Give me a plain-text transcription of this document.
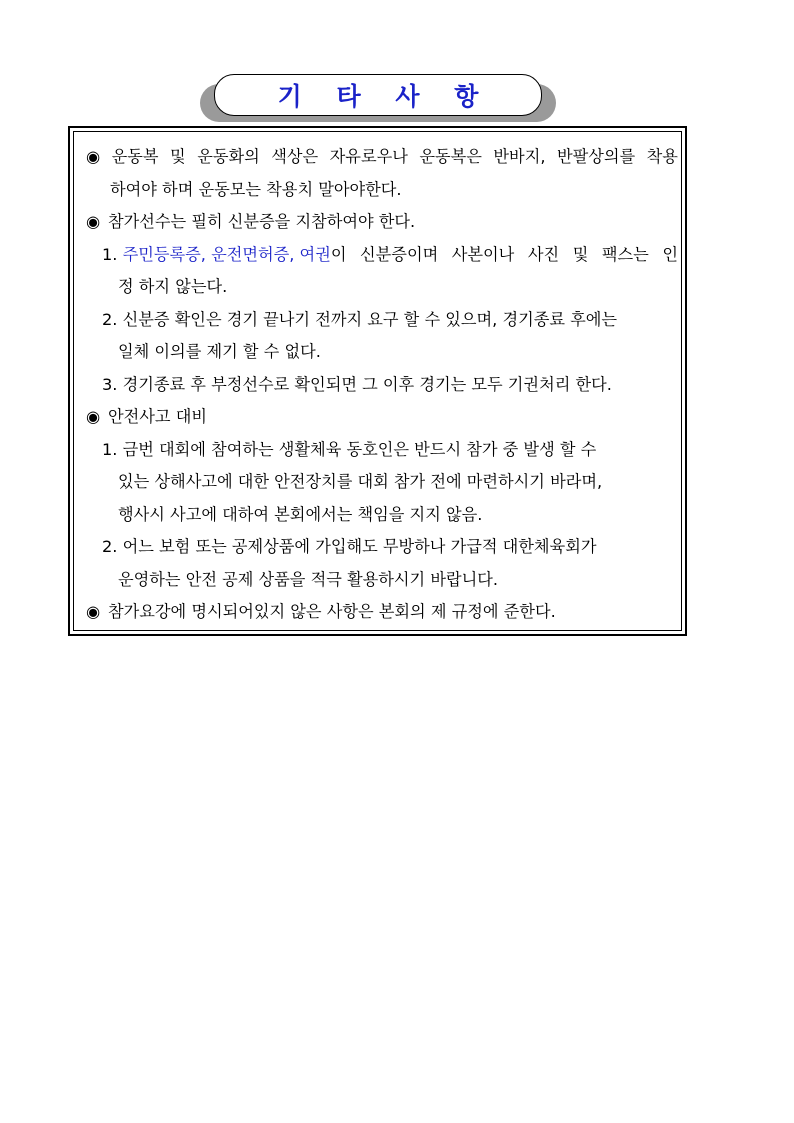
기 타 사 항
◉ 운동복 및 운동화의 색상은 자유로우나 운동복은 반바지, 반팔상의를 착용
하여야 하며 운동모는 착용치 말아야한다.
◉ 참가선수는 필히 신분증을 지참하여야 한다.
1. 주민등록증, 운전면허증, 여권이 신분증이며 사본이나 사진 및 팩스는 인
정 하지 않는다.
2. 신분증 확인은 경기 끝나기 전까지 요구 할 수 있으며, 경기종료 후에는
일체 이의를 제기 할 수 없다.
3. 경기종료 후 부정선수로 확인되면 그 이후 경기는 모두 기권처리 한다.
◉ 안전사고 대비
1. 금번 대회에 참여하는 생활체육 동호인은 반드시 참가 중 발생 할 수
있는 상해사고에 대한 안전장치를 대회 참가 전에 마련하시기 바라며,
행사시 사고에 대하여 본회에서는 책임을 지지 않음.
2. 어느 보험 또는 공제상품에 가입해도 무방하나 가급적 대한체육회가
운영하는 안전 공제 상품을 적극 활용하시기 바랍니다.
◉ 참가요강에 명시되어있지 않은 사항은 본회의 제 규정에 준한다.
